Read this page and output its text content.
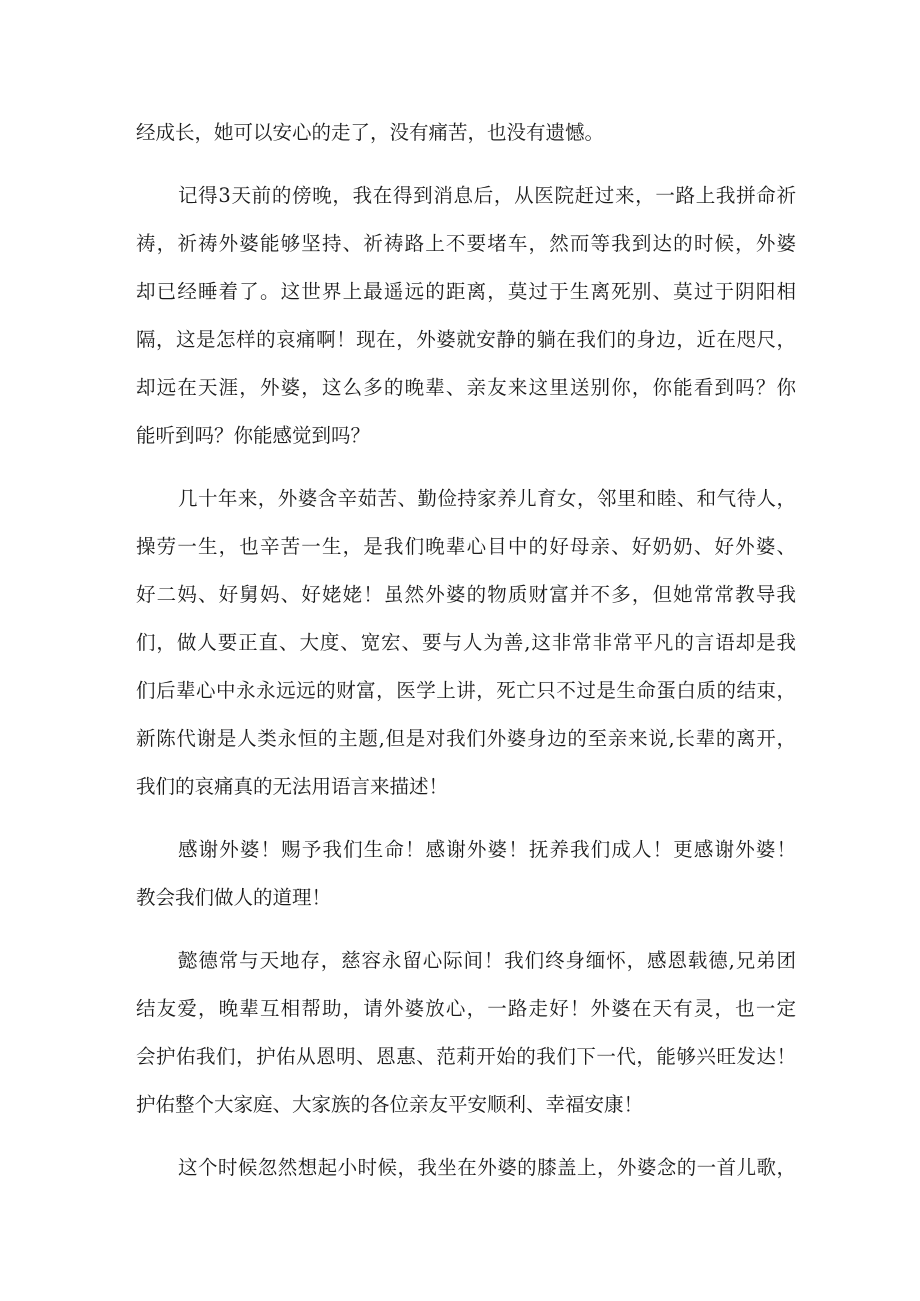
经成长，她可以安心的走了，没有痛苦，也没有遗憾。
记得3天前的傍晚，我在得到消息后，从医院赶过来，一路上我拼命祈
祷，祈祷外婆能够坚持、祈祷路上不要堵车，然而等我到达的时候，外婆
却已经睡着了。这世界上最遥远的距离，莫过于生离死别、莫过于阴阳相
隔，这是怎样的哀痛啊！现在，外婆就安静的躺在我们的身边，近在咫尺，
却远在天涯，外婆，这么多的晚辈、亲友来这里送别你，你能看到吗？你
能听到吗？你能感觉到吗？
几十年来，外婆含辛茹苦、勤俭持家养儿育女，邻里和睦、和气待人，
操劳一生，也辛苦一生，是我们晚辈心目中的好母亲、好奶奶、好外婆、
好二妈、好舅妈、好姥姥！虽然外婆的物质财富并不多，但她常常教导我
们，做人要正直、大度、宽宏、要与人为善,这非常非常平凡的言语却是我
们后辈心中永永远远的财富，医学上讲，死亡只不过是生命蛋白质的结束，
新陈代谢是人类永恒的主题,但是对我们外婆身边的至亲来说,长辈的离开，
我们的哀痛真的无法用语言来描述！
感谢外婆！赐予我们生命！感谢外婆！抚养我们成人！更感谢外婆！
教会我们做人的道理！
懿德常与天地存，慈容永留心际间！我们终身缅怀，感恩载德,兄弟团
结友爱，晚辈互相帮助，请外婆放心，一路走好！外婆在天有灵，也一定
会护佑我们，护佑从恩明、恩惠、范莉开始的我们下一代，能够兴旺发达！
护佑整个大家庭、大家族的各位亲友平安顺利、幸福安康！
这个时候忽然想起小时候，我坐在外婆的膝盖上，外婆念的一首儿歌，
